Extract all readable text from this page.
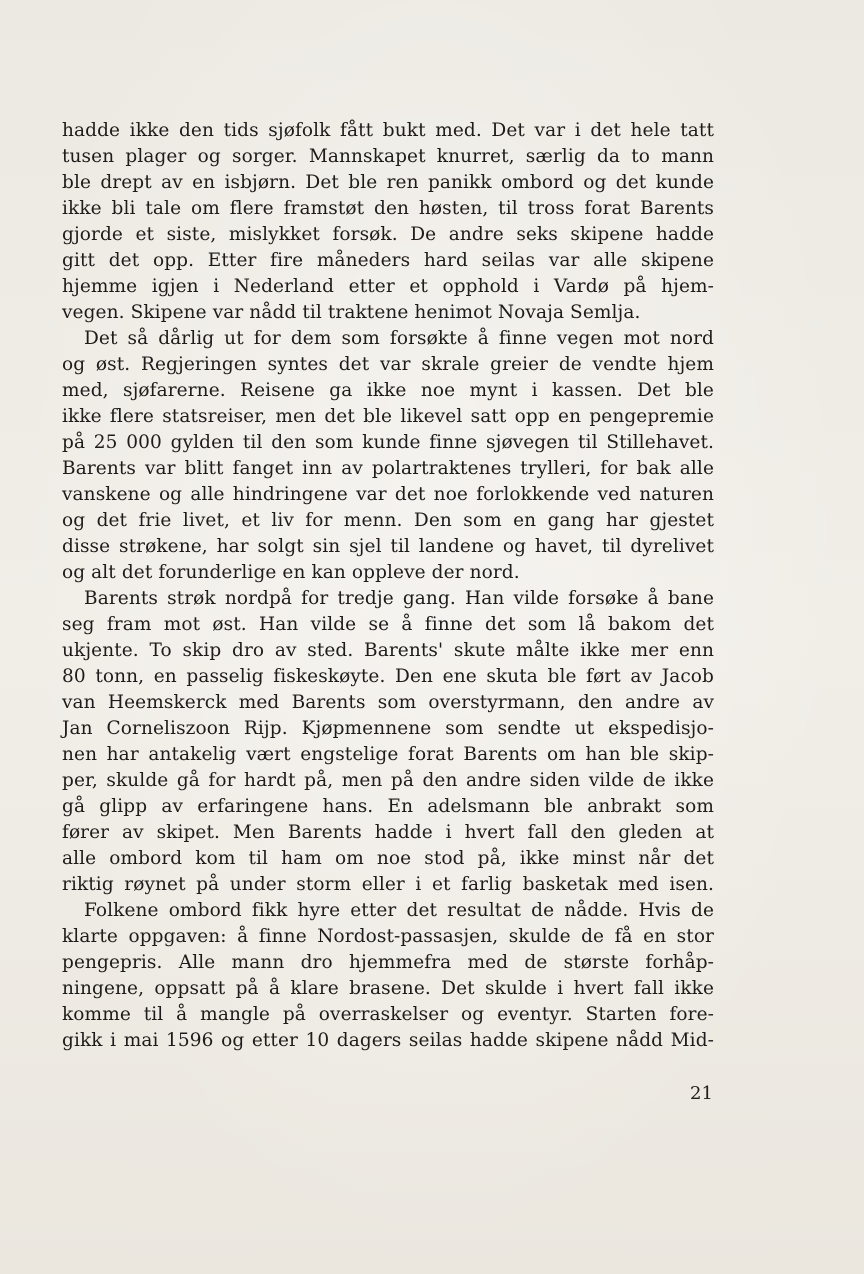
hadde ikke den tids sjøfolk fått bukt med. Det var i det hele tatt
tusen plager og sorger. Mannskapet knurret, særlig da to mann
ble drept av en isbjørn. Det ble ren panikk ombord og det kunde
ikke bli tale om flere framstøt den høsten, til tross forat Barents
gjorde et siste, mislykket forsøk. De andre seks skipene hadde
gitt det opp. Etter fire måneders hard seilas var alle skipene
hjemme igjen i Nederland etter et opphold i Vardø på hjem-
vegen. Skipene var nådd til traktene henimot Novaja Semlja.

Det så dårlig ut for dem som forsøkte å finne vegen mot nord
og øst. Regjeringen syntes det var skrale greier de vendte hjem
med, sjøfarerne. Reisene ga ikke noe mynt i kassen. Det ble
ikke flere statsreiser, men det ble likevel satt opp en pengepremie
på 25 000 gylden til den som kunde finne sjøvegen til Stillehavet.
Barents var blitt fanget inn av polartraktenes trylleri, for bak alle
vanskene og alle hindringene var det noe forlokkende ved naturen
og det frie livet, et liv for menn. Den som en gang har gjestet
disse strøkene, har solgt sin sjel til landene og havet, til dyrelivet
og alt det forunderlige en kan oppleve der nord.

Barents strøk nordpå for tredje gang. Han vilde forsøke å bane
seg fram mot øst. Han vilde se å finne det som lå bakom det
ukjente. To skip dro av sted. Barents' skute målte ikke mer enn
80 tonn, en passelig fiskeskøyte. Den ene skuta ble ført av Jacob
van Heemskerck med Barents som overstyrmann, den andre av
Jan Corneliszoon Rijp. Kjøpmennene som sendte ut ekspedisjo-
nen har antakelig vært engstelige forat Barents om han ble skip-
per, skulde gå for hardt på, men på den andre siden vilde de ikke
gå glipp av erfaringene hans. En adelsmann ble anbrakt som
fører av skipet. Men Barents hadde i hvert fall den gleden at
alle ombord kom til ham om noe stod på, ikke minst når det
riktig røynet på under storm eller i et farlig basketak med isen.

Folkene ombord fikk hyre etter det resultat de nådde. Hvis de
klarte oppgaven: å finne Nordost-passasjen, skulde de få en stor
pengepris. Alle mann dro hjemmefra med de største forhåp-
ningene, oppsatt på å klare brasene. Det skulde i hvert fall ikke
komme til å mangle på overraskelser og eventyr. Starten fore-
gikk i mai 1596 og etter 10 dagers seilas hadde skipene nådd Mid-

21
